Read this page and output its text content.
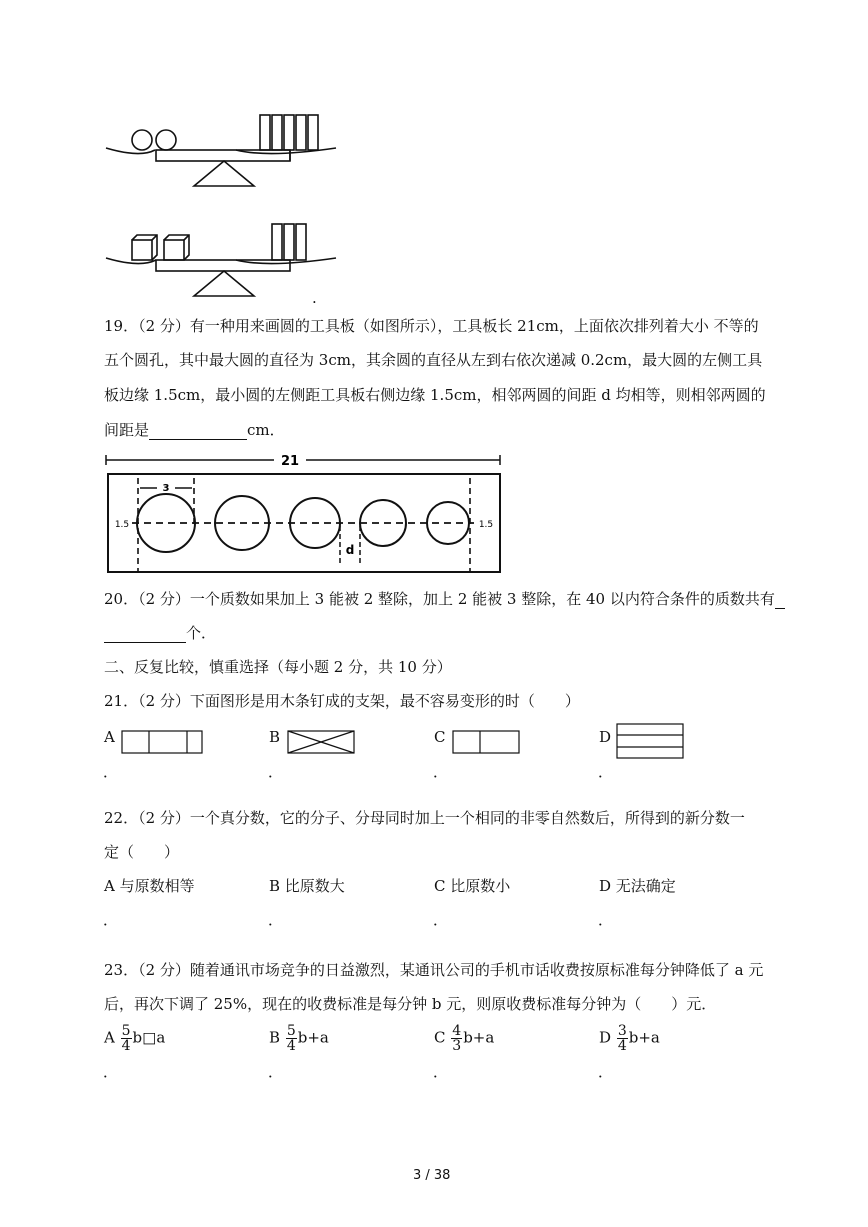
.
19．（2 分）有一种用来画圆的工具板（如图所示），工具板长 21cm，上面依次排列着大小 不等的
五个圆孔，其中最大圆的直径为 3cm，其余圆的直径从左到右依次递减 0.2cm，最大圆的左侧工具
板边缘 1.5cm，最小圆的左侧距工具板右侧边缘 1.5cm，相邻两圆的间距 d 均相等，则相邻两圆的
间距是	cm．
21
3
1.5	1.5
d
20．（2 分）一个质数如果加上 3 能被 2 整除，加上 2 能被 3 整除，在 40 以内符合条件的质数共有
个．
二、反复比较，慎重选择（每小题 2 分，共 10 分）
21．（2 分）下面图形是用木条钉成的支架，最不容易变形的时（　　）
A
．
B
．
C
．
D
．
22．（2 分）一个真分数，它的分子、分母同时加上一个相同的非零自然数后，所得到的新分数一
定（　　）
A 与原数相等	B 比原数大	C 比原数小	D 无法确定
．	．	．	．
23．（2 分）随着通讯市场竞争的日益激烈，某通讯公司的手机市话收费按原标准每分钟降低了 a 元
后，再次下调了 25%，现在的收费标准是每分钟 b 元，则原收费标准每分钟为（　　）元．
A $\frac{5}{4}$ b□a	B $\frac{5}{4} b+a$	C $\frac{4}{3} b+a$	D $\frac{3}{4} b+a$
．	．	．	．
3 / 38
